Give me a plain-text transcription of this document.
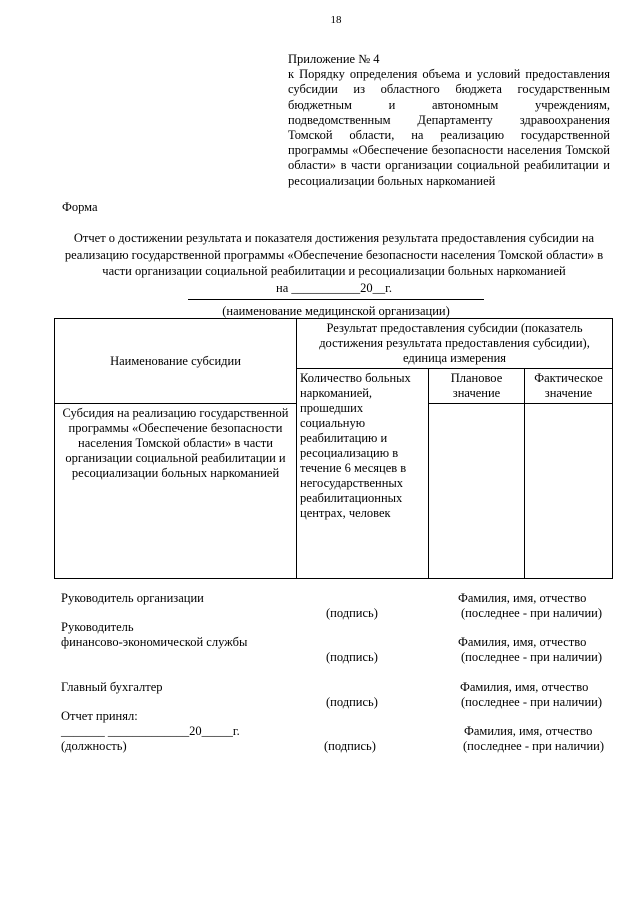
18
Приложение № 4
к Порядку определения объема и условий предоставления субсидии из областного бюджета государственным бюджетным и автономным учреждениям, подведомственным Департаменту здравоохранения Томской области, на реализацию государственной программы «Обеспечение безопасности населения Томской области» в части организации социальной реабилитации и ресоциализации больных наркоманией
Форма
Отчет о достижении результата и показателя достижения результата предоставления субсидии на реализацию государственной программы «Обеспечение безопасности населения Томской области» в части организации социальной реабилитации и ресоциализации больных наркоманией
на ___________20__г.
(наименование медицинской организации)
Наименование субсидии	Результат предоставления субсидии (показатель достижения результата предоставления субсидии), единица измерения		
	Количество больных наркоманией, прошедших социальную реабилитацию и ресоциализацию в течение 6 месяцев в негосударственных реабилитационных центрах, человек	Плановое значение	Фактическое значение
Субсидия на реализацию государственной программы «Обеспечение безопасности населения Томской области» в части организации социальной реабилитации и ресоциализации больных наркоманией			
Руководитель организации	Фамилия, имя, отчество
(подпись)	(последнее - при наличии)
Руководитель
финансово-экономической службы	Фамилия, имя, отчество
(подпись)	(последнее - при наличии)
Главный бухгалтер	Фамилия, имя, отчество
(подпись)	(последнее - при наличии)
Отчет принял:
_______ _____________20_____г.	Фамилия, имя, отчество
(должность)	(подпись)	(последнее - при наличии)
